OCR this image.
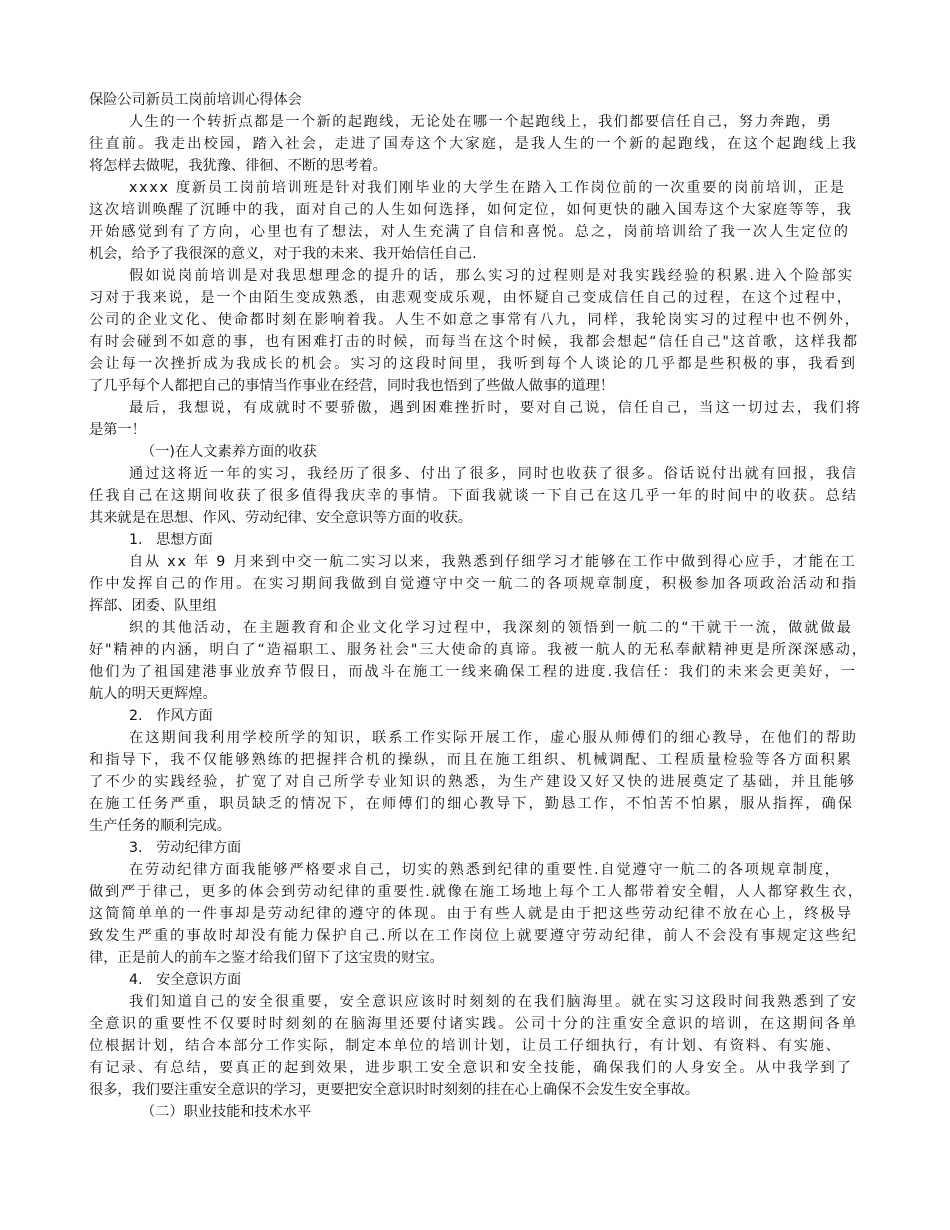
保险公司新员工岗前培训心得体会
人生的一个转折点都是一个新的起跑线，无论处在哪一个起跑线上，我们都要信任自己，努力奔跑，勇
往直前。我走出校园，踏入社会，走进了国寿这个大家庭，是我人生的一个新的起跑线，在这个起跑线上我
将怎样去做呢，我犹豫、徘徊、不断的思考着。
xxxx 度新员工岗前培训班是针对我们刚毕业的大学生在踏入工作岗位前的一次重要的岗前培训，正是
这次培训唤醒了沉睡中的我，面对自己的人生如何选择，如何定位，如何更快的融入国寿这个大家庭等等，我
开始感觉到有了方向，心里也有了想法，对人生充满了自信和喜悦。总之，岗前培训给了我一次人生定位的
机会，给予了我很深的意义，对于我的未来、我开始信任自己.
假如说岗前培训是对我思想理念的提升的话，那么实习的过程则是对我实践经验的积累.进入个险部实
习对于我来说，是一个由陌生变成熟悉，由悲观变成乐观，由怀疑自己变成信任自己的过程，在这个过程中，
公司的企业文化、使命都时刻在影响着我。人生不如意之事常有八九，同样，我轮岗实习的过程中也不例外，
有时会碰到不如意的事，也有困难打击的时候，而每当在这个时候，我都会想起“信任自己"这首歌，这样我都
会让每一次挫折成为我成长的机会。实习的这段时间里，我听到每个人谈论的几乎都是些积极的事，我看到
了几乎每个人都把自己的事情当作事业在经营，同时我也悟到了些做人做事的道理！
最后，我想说，有成就时不要骄傲，遇到困难挫折时，要对自己说，信任自己，当这一切过去，我们将
是第一！
（一)在人文素养方面的收获
通过这将近一年的实习，我经历了很多、付出了很多，同时也收获了很多。俗话说付出就有回报，我信
任我自己在这期间收获了很多值得我庆幸的事情。下面我就谈一下自己在这几乎一年的时间中的收获。总结
其来就是在思想、作风、劳动纪律、安全意识等方面的收获。
1.   思想方面
自从 xx 年 9 月来到中交一航二实习以来，我熟悉到仔细学习才能够在工作中做到得心应手，才能在工
作中发挥自己的作用。在实习期间我做到自觉遵守中交一航二的各项规章制度，积极参加各项政治活动和指
挥部、团委、队里组
织的其他活动，在主题教育和企业文化学习过程中，我深刻的领悟到一航二的“干就干一流，做就做最
好"精神的内涵，明白了“造福职工、服务社会"三大使命的真谛。我被一航人的无私奉献精神更是所深深感动，
他们为了祖国建港事业放弃节假日，而战斗在施工一线来确保工程的进度.我信任：我们的未来会更美好，一
航人的明天更辉煌。
2.   作风方面
在这期间我利用学校所学的知识，联系工作实际开展工作，虚心服从师傅们的细心教导，在他们的帮助
和指导下，我不仅能够熟练的把握拌合机的操纵，而且在施工组织、机械调配、工程质量检验等各方面积累
了不少的实践经验，扩宽了对自己所学专业知识的熟悉，为生产建设又好又快的进展奠定了基础，并且能够
在施工任务严重，职员缺乏的情况下，在师傅们的细心教导下，勤恳工作，不怕苦不怕累，服从指挥，确保
生产任务的顺利完成。
3.   劳动纪律方面
在劳动纪律方面我能够严格要求自己，切实的熟悉到纪律的重要性.自觉遵守一航二的各项规章制度，
做到严于律己，更多的体会到劳动纪律的重要性.就像在施工场地上每个工人都带着安全帽，人人都穿救生衣，
这简简单单的一件事却是劳动纪律的遵守的体现。由于有些人就是由于把这些劳动纪律不放在心上，终极导
致发生严重的事故时却没有能力保护自己.所以在工作岗位上就要遵守劳动纪律，前人不会没有事规定这些纪
律，正是前人的前车之鉴才给我们留下了这宝贵的财宝。
4.   安全意识方面
我们知道自己的安全很重要，安全意识应该时时刻刻的在我们脑海里。就在实习这段时间我熟悉到了安
全意识的重要性不仅要时时刻刻的在脑海里还要付诸实践。公司十分的注重安全意识的培训，在这期间各单
位根据计划，结合本部分工作实际，制定本单位的培训计划，让员工仔细执行，有计划、有资料、有实施、
有记录、有总结，要真正的起到效果，进步职工安全意识和安全技能，确保我们的人身安全。从中我学到了
很多，我们要注重安全意识的学习，更要把安全意识时时刻刻的挂在心上确保不会发生安全事故。
（二）职业技能和技术水平
